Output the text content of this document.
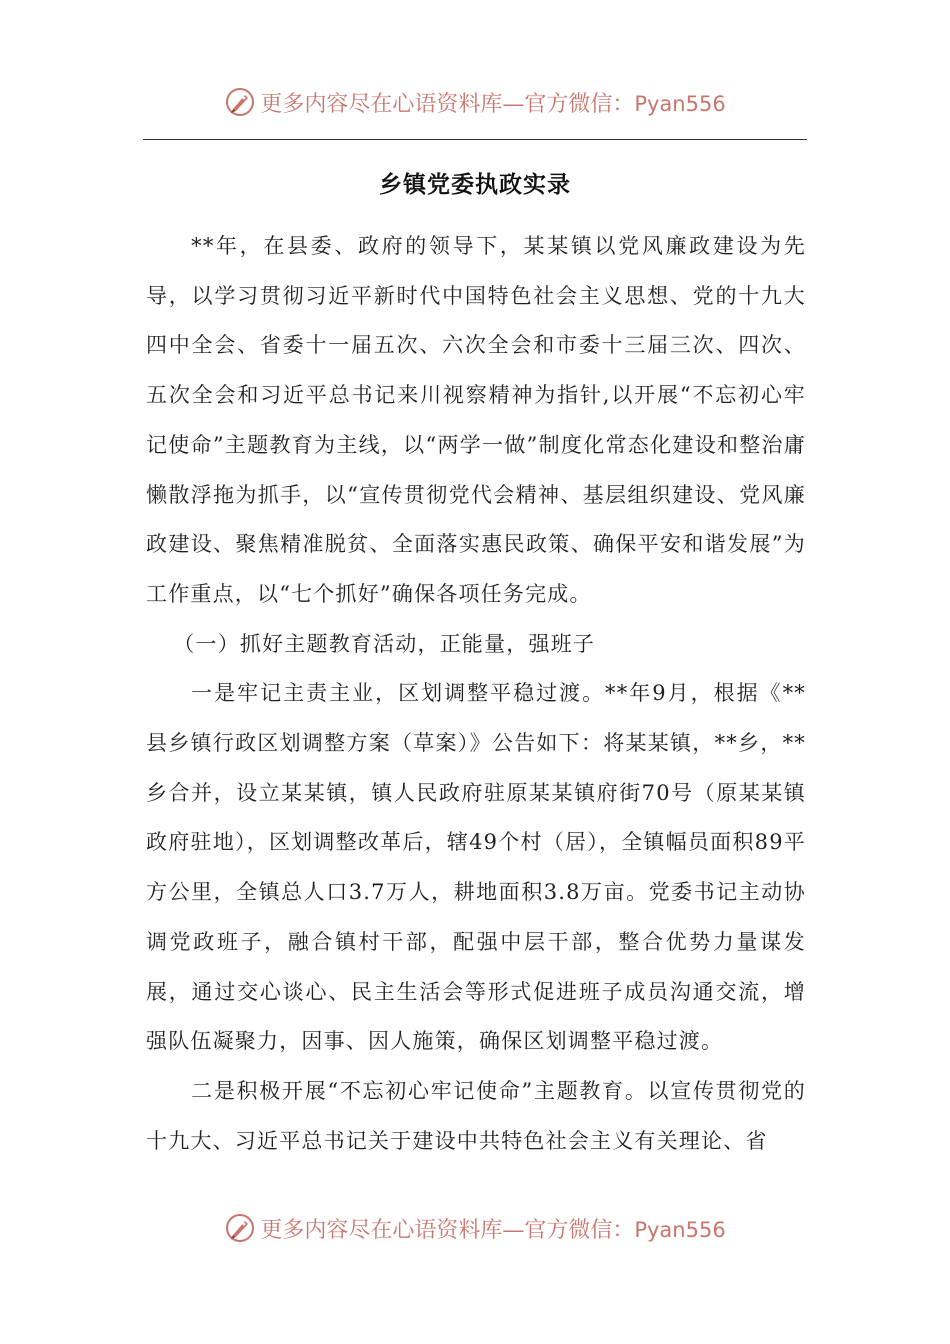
更多内容尽在心语资料库—官方微信：Pyan556
乡镇党委执政实录

**年，在县委、政府的领导下，某某镇以党风廉政建设为先导，以学习贯彻习近平新时代中国特色社会主义思想、党的十九大四中全会、省委十一届五次、六次全会和市委十三届三次、四次、五次全会和习近平总书记来川视察精神为指针,以开展“不忘初心牢记使命”主题教育为主线，以“两学一做”制度化常态化建设和整治庸懒散浮拖为抓手，以“宣传贯彻党代会精神、基层组织建设、党风廉政建设、聚焦精准脱贫、全面落实惠民政策、确保平安和谐发展”为工作重点，以“七个抓好”确保各项任务完成。

（一）抓好主题教育活动，正能量，强班子

一是牢记主责主业，区划调整平稳过渡。**年9月，根据《**县乡镇行政区划调整方案（草案）》公告如下：将某某镇，**乡，**乡合并，设立某某镇，镇人民政府驻原某某镇府街70号（原某某镇政府驻地），区划调整改革后，辖49个村（居），全镇幅员面积89平方公里，全镇总人口3.7万人，耕地面积3.8万亩。党委书记主动协调党政班子，融合镇村干部，配强中层干部，整合优势力量谋发展，通过交心谈心、民主生活会等形式促进班子成员沟通交流，增强队伍凝聚力，因事、因人施策，确保区划调整平稳过渡。

二是积极开展“不忘初心牢记使命”主题教育。以宣传贯彻党的十九大、习近平总书记关于建设中共特色社会主义有关理论、省

更多内容尽在心语资料库—官方微信：Pyan556
